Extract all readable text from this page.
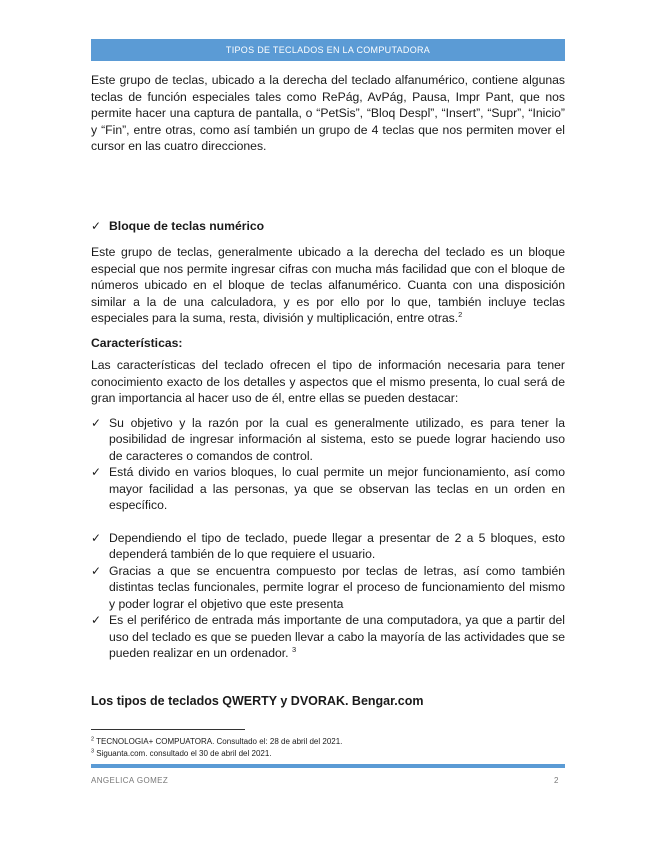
TIPOS DE TECLADOS EN LA COMPUTADORA

Este grupo de teclas, ubicado a la derecha del teclado alfanumérico, contiene algunas teclas de función especiales tales como RePág, AvPág, Pausa, Impr Pant, que nos permite hacer una captura de pantalla, o “PetSis”, “Bloq Despl”, “Insert”, “Supr”, “Inicio” y “Fin”, entre otras, como así también un grupo de 4 teclas que nos permiten mover el cursor en las cuatro direcciones.

✓ Bloque de teclas numérico

Este grupo de teclas, generalmente ubicado a la derecha del teclado es un bloque especial que nos permite ingresar cifras con mucha más facilidad que con el bloque de números ubicado en el bloque de teclas alfanumérico. Cuanta con una disposición similar a la de una calculadora, y es por ello por lo que, también incluye teclas especiales para la suma, resta, división y multiplicación, entre otras.$^2$

Características:

Las características del teclado ofrecen el tipo de información necesaria para tener conocimiento exacto de los detalles y aspectos que el mismo presenta, lo cual será de gran importancia al hacer uso de él, entre ellas se pueden destacar:

✓ Su objetivo y la razón por la cual es generalmente utilizado, es para tener la posibilidad de ingresar información al sistema, esto se puede lograr haciendo uso de caracteres o comandos de control.
✓ Está divido en varios bloques, lo cual permite un mejor funcionamiento, así como mayor facilidad a las personas, ya que se observan las teclas en un orden en específico.
✓ Dependiendo el tipo de teclado, puede llegar a presentar de 2 a 5 bloques, esto dependerá también de lo que requiere el usuario.
✓ Gracias a que se encuentra compuesto por teclas de letras, así como también distintas teclas funcionales, permite lograr el proceso de funcionamiento del mismo y poder lograr el objetivo que este presenta
✓ Es el periférico de entrada más importante de una computadora, ya que a partir del uso del teclado es que se pueden llevar a cabo la mayoría de las actividades que se pueden realizar en un ordenador. $^3$
Los tipos de teclados QWERTY y DVORAK. Bengar.com
$^2$ TECNOLOGIA+ COMPUATORA. Consultado el: 28 de abril del 2021.
$^3$ Siguanta.com. consultado el 30 de abril del 2021.
ANGELICA GOMEZ	2
